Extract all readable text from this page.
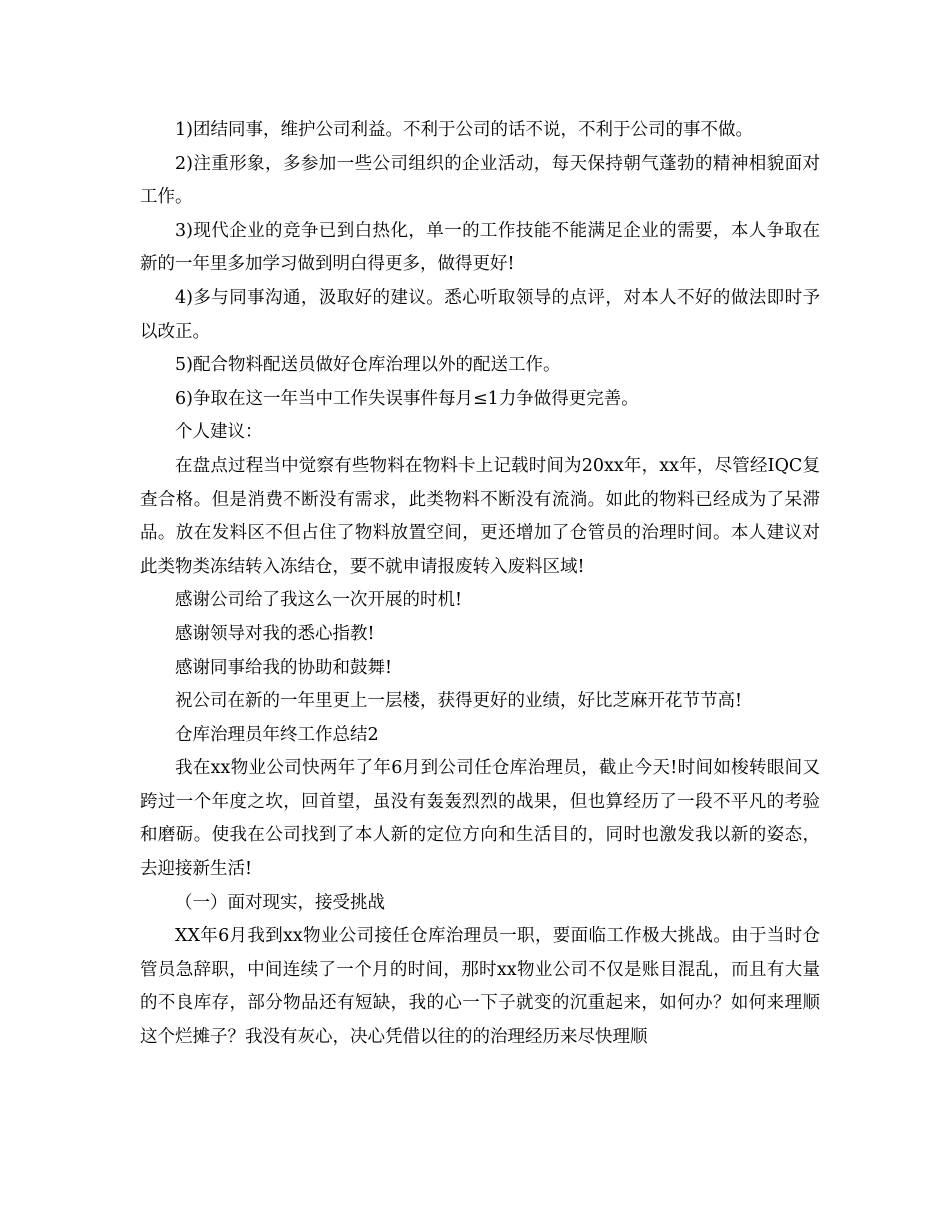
1)团结同事，维护公司利益。不利于公司的话不说，不利于公司的事不做。

2)注重形象，多参加一些公司组织的企业活动，每天保持朝气蓬勃的精神相貌面对工作。

3)现代企业的竞争已到白热化，单一的工作技能不能满足企业的需要，本人争取在新的一年里多加学习做到明白得更多，做得更好!

4)多与同事沟通，汲取好的建议。悉心听取领导的点评，对本人不好的做法即时予以改正。

5)配合物料配送员做好仓库治理以外的配送工作。

6)争取在这一年当中工作失误事件每月≤1力争做得更完善。

个人建议：

在盘点过程当中觉察有些物料在物料卡上记载时间为20xx年，xx年，尽管经IQC复查合格。但是消费不断没有需求，此类物料不断没有流淌。如此的物料已经成为了呆滞品。放在发料区不但占住了物料放置空间，更还增加了仓管员的治理时间。本人建议对此类物类冻结转入冻结仓，要不就申请报废转入废料区域!

感谢公司给了我这么一次开展的时机!

感谢领导对我的悉心指教!

感谢同事给我的协助和鼓舞!

祝公司在新的一年里更上一层楼，获得更好的业绩，好比芝麻开花节节高!

仓库治理员年终工作总结2

我在xx物业公司快两年了年6月到公司任仓库治理员，截止今天!时间如梭转眼间又跨过一个年度之坎，回首望，虽没有轰轰烈烈的战果，但也算经历了一段不平凡的考验和磨砺。使我在公司找到了本人新的定位方向和生活目的，同时也激发我以新的姿态，去迎接新生活!

（一）面对现实，接受挑战

XX年6月我到xx物业公司接任仓库治理员一职，要面临工作极大挑战。由于当时仓管员急辞职，中间连续了一个月的时间，那时xx物业公司不仅是账目混乱，而且有大量的不良库存，部分物品还有短缺，我的心一下子就变的沉重起来，如何办？如何来理顺这个烂摊子？我没有灰心，决心凭借以往的的治理经历来尽快理顺
